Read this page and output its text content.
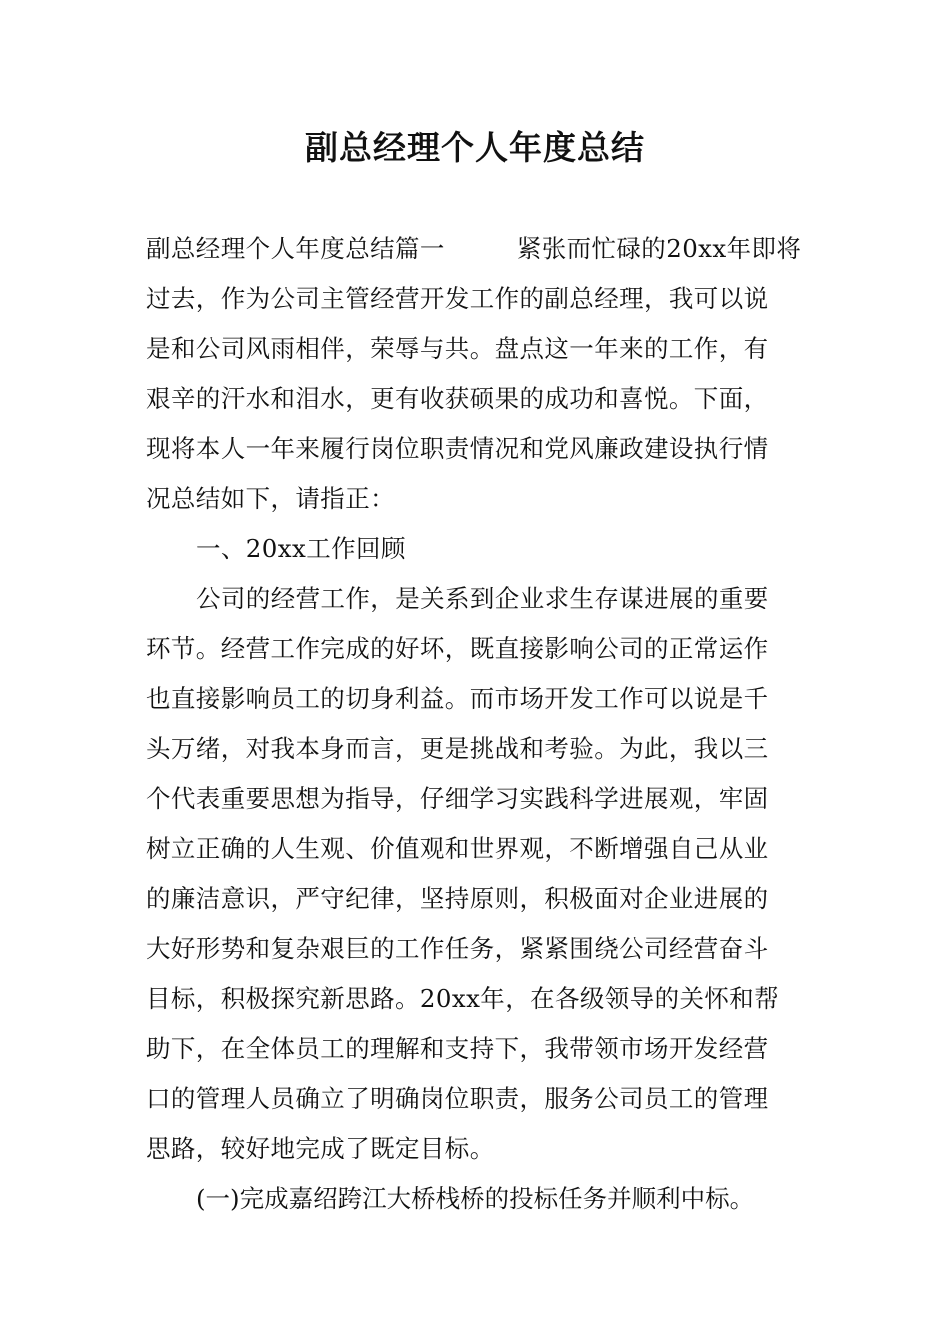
副总经理个人年度总结
副总经理个人年度总结篇一	紧张而忙碌的20xx年即将
过去，作为公司主管经营开发工作的副总经理，我可以说
是和公司风雨相伴，荣辱与共。盘点这一年来的工作，有
艰辛的汗水和泪水，更有收获硕果的成功和喜悦。下面，
现将本人一年来履行岗位职责情况和党风廉政建设执行情
况总结如下，请指正：
一、20xx工作回顾
公司的经营工作，是关系到企业求生存谋进展的重要
环节。经营工作完成的好坏，既直接影响公司的正常运作
也直接影响员工的切身利益。而市场开发工作可以说是千
头万绪，对我本身而言，更是挑战和考验。为此，我以三
个代表重要思想为指导，仔细学习实践科学进展观，牢固
树立正确的人生观、价值观和世界观，不断增强自己从业
的廉洁意识，严守纪律，坚持原则，积极面对企业进展的
大好形势和复杂艰巨的工作任务，紧紧围绕公司经营奋斗
目标，积极探究新思路。20xx年，在各级领导的关怀和帮
助下，在全体员工的理解和支持下，我带领市场开发经营
口的管理人员确立了明确岗位职责，服务公司员工的管理
思路，较好地完成了既定目标。
(一)完成嘉绍跨江大桥栈桥的投标任务并顺利中标。
